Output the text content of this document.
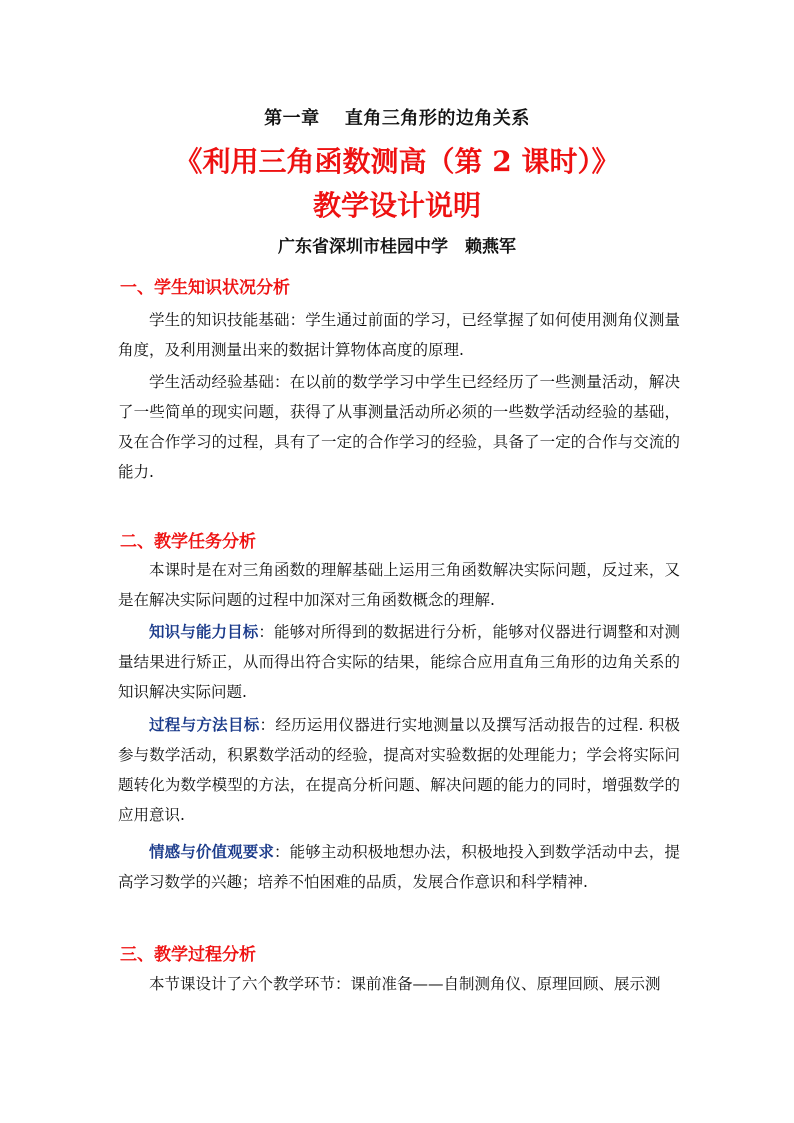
第一章　 直角三角形的边角关系
《利用三角函数测高（第 2 课时）》
教学设计说明
广东省深圳市桂园中学　赖燕军
一、学生知识状况分析
学生的知识技能基础：学生通过前面的学习，已经掌握了如何使用测角仪测量角度，及利用测量出来的数据计算物体高度的原理.
学生活动经验基础：在以前的数学学习中学生已经经历了一些测量活动，解决了一些简单的现实问题，获得了从事测量活动所必须的一些数学活动经验的基础，及在合作学习的过程，具有了一定的合作学习的经验，具备了一定的合作与交流的能力.
二、教学任务分析
本课时是在对三角函数的理解基础上运用三角函数解决实际问题，反过来，又是在解决实际问题的过程中加深对三角函数概念的理解.
知识与能力目标：能够对所得到的数据进行分析，能够对仪器进行调整和对测量结果进行矫正，从而得出符合实际的结果，能综合应用直角三角形的边角关系的知识解决实际问题.
过程与方法目标：经历运用仪器进行实地测量以及撰写活动报告的过程. 积极参与数学活动，积累数学活动的经验，提高对实验数据的处理能力；学会将实际问题转化为数学模型的方法，在提高分析问题、解决问题的能力的同时，增强数学的应用意识.
情感与价值观要求：能够主动积极地想办法，积极地投入到数学活动中去，提高学习数学的兴趣；培养不怕困难的品质，发展合作意识和科学精神.
三、教学过程分析
本节课设计了六个教学环节：课前准备——自制测角仪、原理回顾、展示测
